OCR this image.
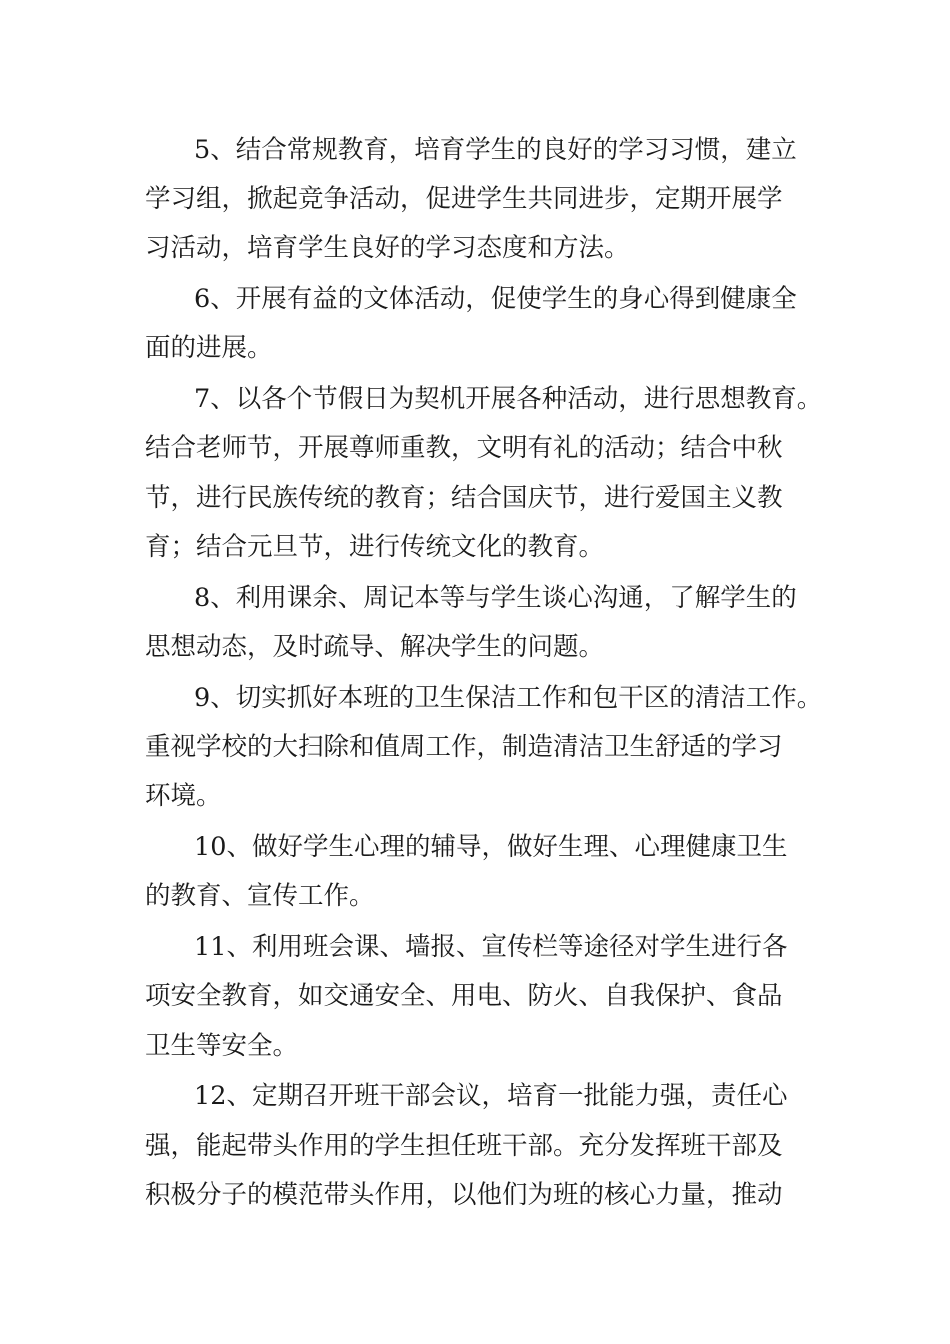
5、结合常规教育，培育学生的良好的学习习惯，建立
学习组，掀起竞争活动，促进学生共同进步，定期开展学
习活动，培育学生良好的学习态度和方法。
6、开展有益的文体活动，促使学生的身心得到健康全
面的进展。
7、以各个节假日为契机开展各种活动，进行思想教育。
结合老师节，开展尊师重教，文明有礼的活动；结合中秋
节，进行民族传统的教育；结合国庆节，进行爱国主义教
育；结合元旦节，进行传统文化的教育。
8、利用课余、周记本等与学生谈心沟通，了解学生的
思想动态，及时疏导、解决学生的问题。
9、切实抓好本班的卫生保洁工作和包干区的清洁工作。
重视学校的大扫除和值周工作，制造清洁卫生舒适的学习
环境。
10、做好学生心理的辅导，做好生理、心理健康卫生
的教育、宣传工作。
11、利用班会课、墙报、宣传栏等途径对学生进行各
项安全教育，如交通安全、用电、防火、自我保护、食品
卫生等安全。
12、定期召开班干部会议，培育一批能力强，责任心
强，能起带头作用的学生担任班干部。充分发挥班干部及
积极分子的模范带头作用，以他们为班的核心力量，推动
